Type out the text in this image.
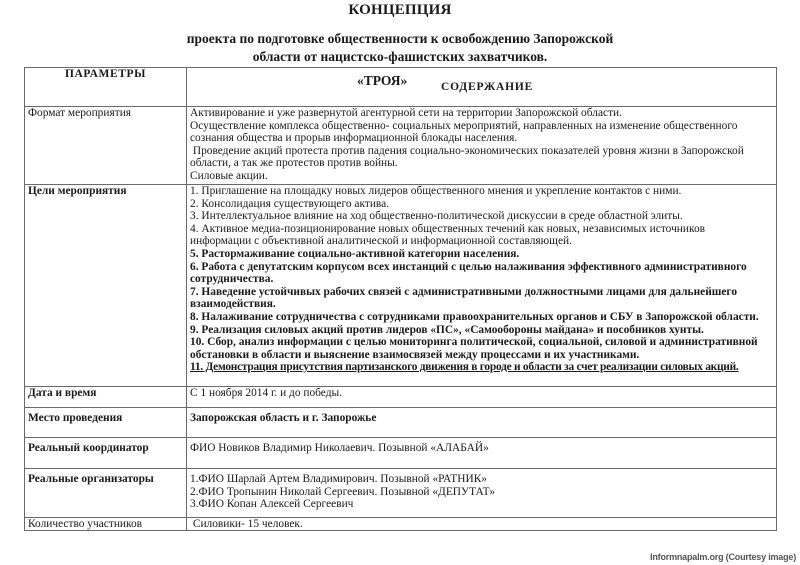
КОНЦЕПЦИЯ
проекта по подготовке общественности к освобождению Запорожской
области от нацистско-фашистских захватчиков.
ПАРАМЕТРЫ	«ТРОЯ» СОДЕРЖАНИЕ

Формат мероприятия	Активирование и уже развернутой агентурной сети на территории Запорожской области.
Осуществление комплекса общественно- социальных мероприятий, направленных на изменение общественного
сознания общества и прорыв информационной блокады населения.
Проведение акций протеста против падения социально-экономических показателей уровня жизни в Запорожской
области, а так же протестов против войны.
Силовые акции.

Цели мероприятия	1. Приглашение на площадку новых лидеров общественного мнения и укрепление контактов с ними.
2. Консолидация существующего актива.
3. Интеллектуальное влияние на ход общественно-политической дискуссии в среде областной элиты.
4. Активное медиа-позиционирование новых общественных течений как новых, независимых источников
информации с объективной аналитической и информационной составляющей.
5. Растормаживание социально-активной категории населения.
6. Работа с депутатским корпусом всех инстанций с целью налаживания эффективного административного
сотрудничества.
7. Наведение устойчивых рабочих связей с административными должностными лицами для дальнейшего
взаимодействия.
8. Налаживание сотрудничества с сотрудниками правоохранительных органов и СБУ в Запорожской области.
9. Реализация силовых акций против лидеров «ПС», «Самообороны майдана» и пособников хунты.
10. Сбор, анализ информации с целью мониторинга политической, социальной, силовой и административной
обстановки в области и выяснение взаимосвязей между процессами и их участниками.
11. Демонстрация присутствия партизанского движения в городе и области за счет реализации силовых акций.

Дата и время	С 1 ноября 2014 г. и до победы.

Место проведения	Запорожская область и г. Запорожье

Реальный координатор	ФИО Новиков Владимир Николаевич. Позывной «АЛАБАЙ»

Реальные организаторы	1.ФИО Шарлай Артем Владимирович. Позывной «РАТНИК»
2.ФИО Тропынин Николай Сергеевич. Позывной «ДЕПУТАТ»
3.ФИО Копан Алексей Сергеевич

Количество участников	Силовики- 15 человек.
Informnapalm.org (Courtesy image)
